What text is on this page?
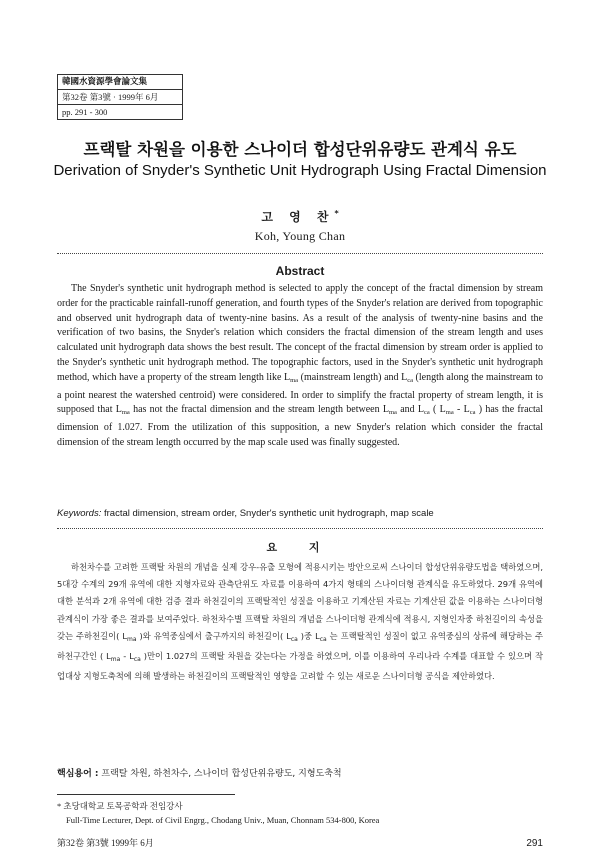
韓國水資源學會論文集
第32卷 第3號 · 1999年 6月
pp. 291 - 300
프랙탈 차원을 이용한 스나이더 합성단위유량도 관계식 유도
Derivation of Snyder's Synthetic Unit Hydrograph Using Fractal Dimension
고 영 찬*
Koh, Young Chan
Abstract
The Snyder's synthetic unit hydrograph method is selected to apply the concept of the fractal dimension by stream order for the practicable rainfall-runoff generation, and fourth types of the Snyder's relation are derived from topographic and observed unit hydrograph data of twenty-nine basins. As a result of the analysis of twenty-nine basins and the verification of two basins, the Snyder's relation which considers the fractal dimension of the stream length and uses calculated unit hydrograph data shows the best result. The concept of the fractal dimension by stream order is applied to the Snyder's synthetic unit hydrograph method. The topographic factors, used in the Snyder's synthetic unit hydrograph method, which have a property of the stream length like $L_{ma}$ (mainstream length) and $L_{ca}$ (length along the mainstream to a point nearest the watershed centroid) were considered. In order to simplify the fractal property of stream length, it is supposed that $L_{ma}$ has not the fractal dimension and the stream length between $L_{ma}$ and $L_{ca}$ ( $L_{ma} - L_{ca}$ ) has the fractal dimension of 1.027. From the utilization of this supposition, a new Snyder's relation which consider the fractal dimension of the stream length occurred by the map scale used was finally suggested.
Keywords: fractal dimension, stream order, Snyder's synthetic unit hydrograph, map scale
요 지
하천차수를 고려한 프랙탈 차원의 개념을 실제 강우-유출 모형에 적용시키는 방안으로써 스나이더 합성단위유량도법을 택하였으며, 5대강 수계의 29개 유역에 대한 지형자료와 관측단위도 자료를 이용하여 4가지 형태의 스나이더형 관계식을 유도하였다. 29개 유역에 대한 분석과 2개 유역에 대한 검증 결과 하천길이의 프랙탈적인 성질을 이용하고 기계산된 자료는 기계산된 값을 이용하는 스나이더형 관계식이 가장 좋은 결과를 보여주었다. 하천차수별 프랙탈 차원의 개념을 스나이더형 관계식에 적용시, 지형인자중 하천길이의 속성을 갖는 주하천길이( $L_{ma}$ )와 유역중심에서 출구까지의 하천길이( $L_{ca}$ )중 $L_{ca}$ 는 프랙탈적인 성질이 없고 유역중심의 상류에 해당하는 주하천구간인 ( $L_{ma} - L_{ca}$ )만이 1.027의 프랙탈 차원을 갖는다는 가정을 하였으며, 이를 이용하여 우리나라 수계를 대표할 수 있으며 작업대상 지형도축척에 의해 발생하는 하천길이의 프랙탈적인 영향을 고려할 수 있는 새로운 스나이더형 공식을 제안하였다.
핵심용어 : 프랙탈 차원, 하천차수, 스나이더 합성단위유량도, 지형도축척
* 초당대학교 토목공학과 전임강사
Full-Time Lecturer, Dept. of Civil Engrg., Chodang Univ., Muan, Chonnam 534-800, Korea
第32卷 第3號 1999年 6月	291
